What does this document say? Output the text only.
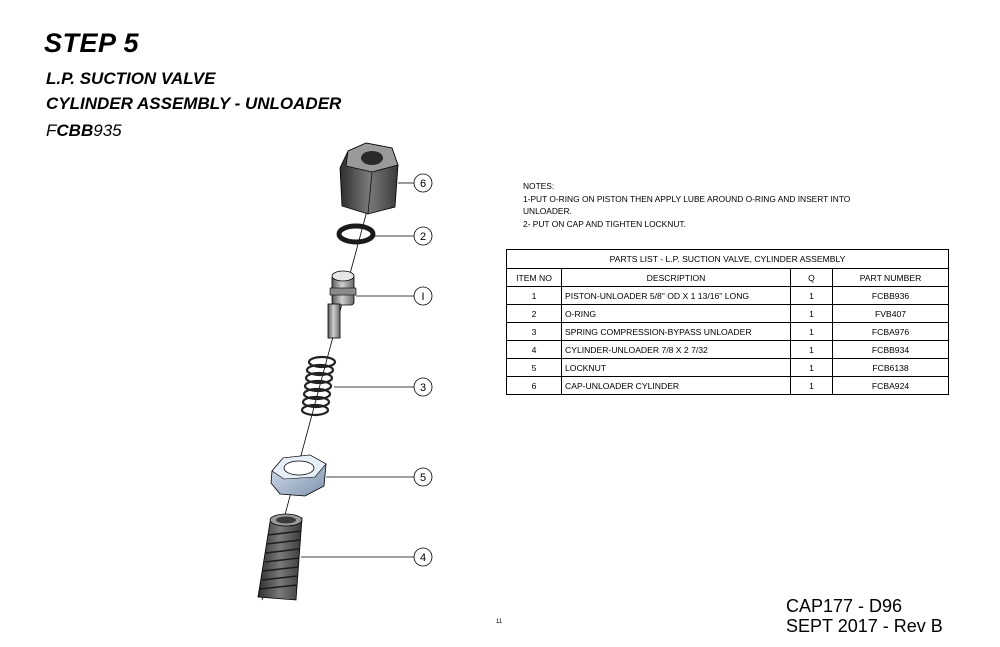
STEP 5
L.P. SUCTION VALVE
CYLINDER ASSEMBLY - UNLOADER
FCBB935
6
2
I
3
5
4
NOTES:
1-PUT O-RING ON PISTON THEN APPLY LUBE AROUND O-RING AND INSERT INTO
UNLOADER.
2- PUT ON CAP AND TIGHTEN LOCKNUT.
PARTS LIST - L.P. SUCTION VALVE, CYLINDER ASSEMBLY			
ITEM NO	DESCRIPTION	Q	PART NUMBER
1	PISTON-UNLOADER 5/8" OD X 1 13/16" LONG	1	FCBB936
2	O-RING	1	FVB407
3	SPRING COMPRESSION-BYPASS UNLOADER	1	FCBA976
4	CYLINDER-UNLOADER 7/8 X 2 7/32	1	FCBB934
5	LOCKNUT	1	FCB6138
6	CAP-UNLOADER CYLINDER	1	FCBA924
11
CAP177 - D96
SEPT 2017 - Rev B
